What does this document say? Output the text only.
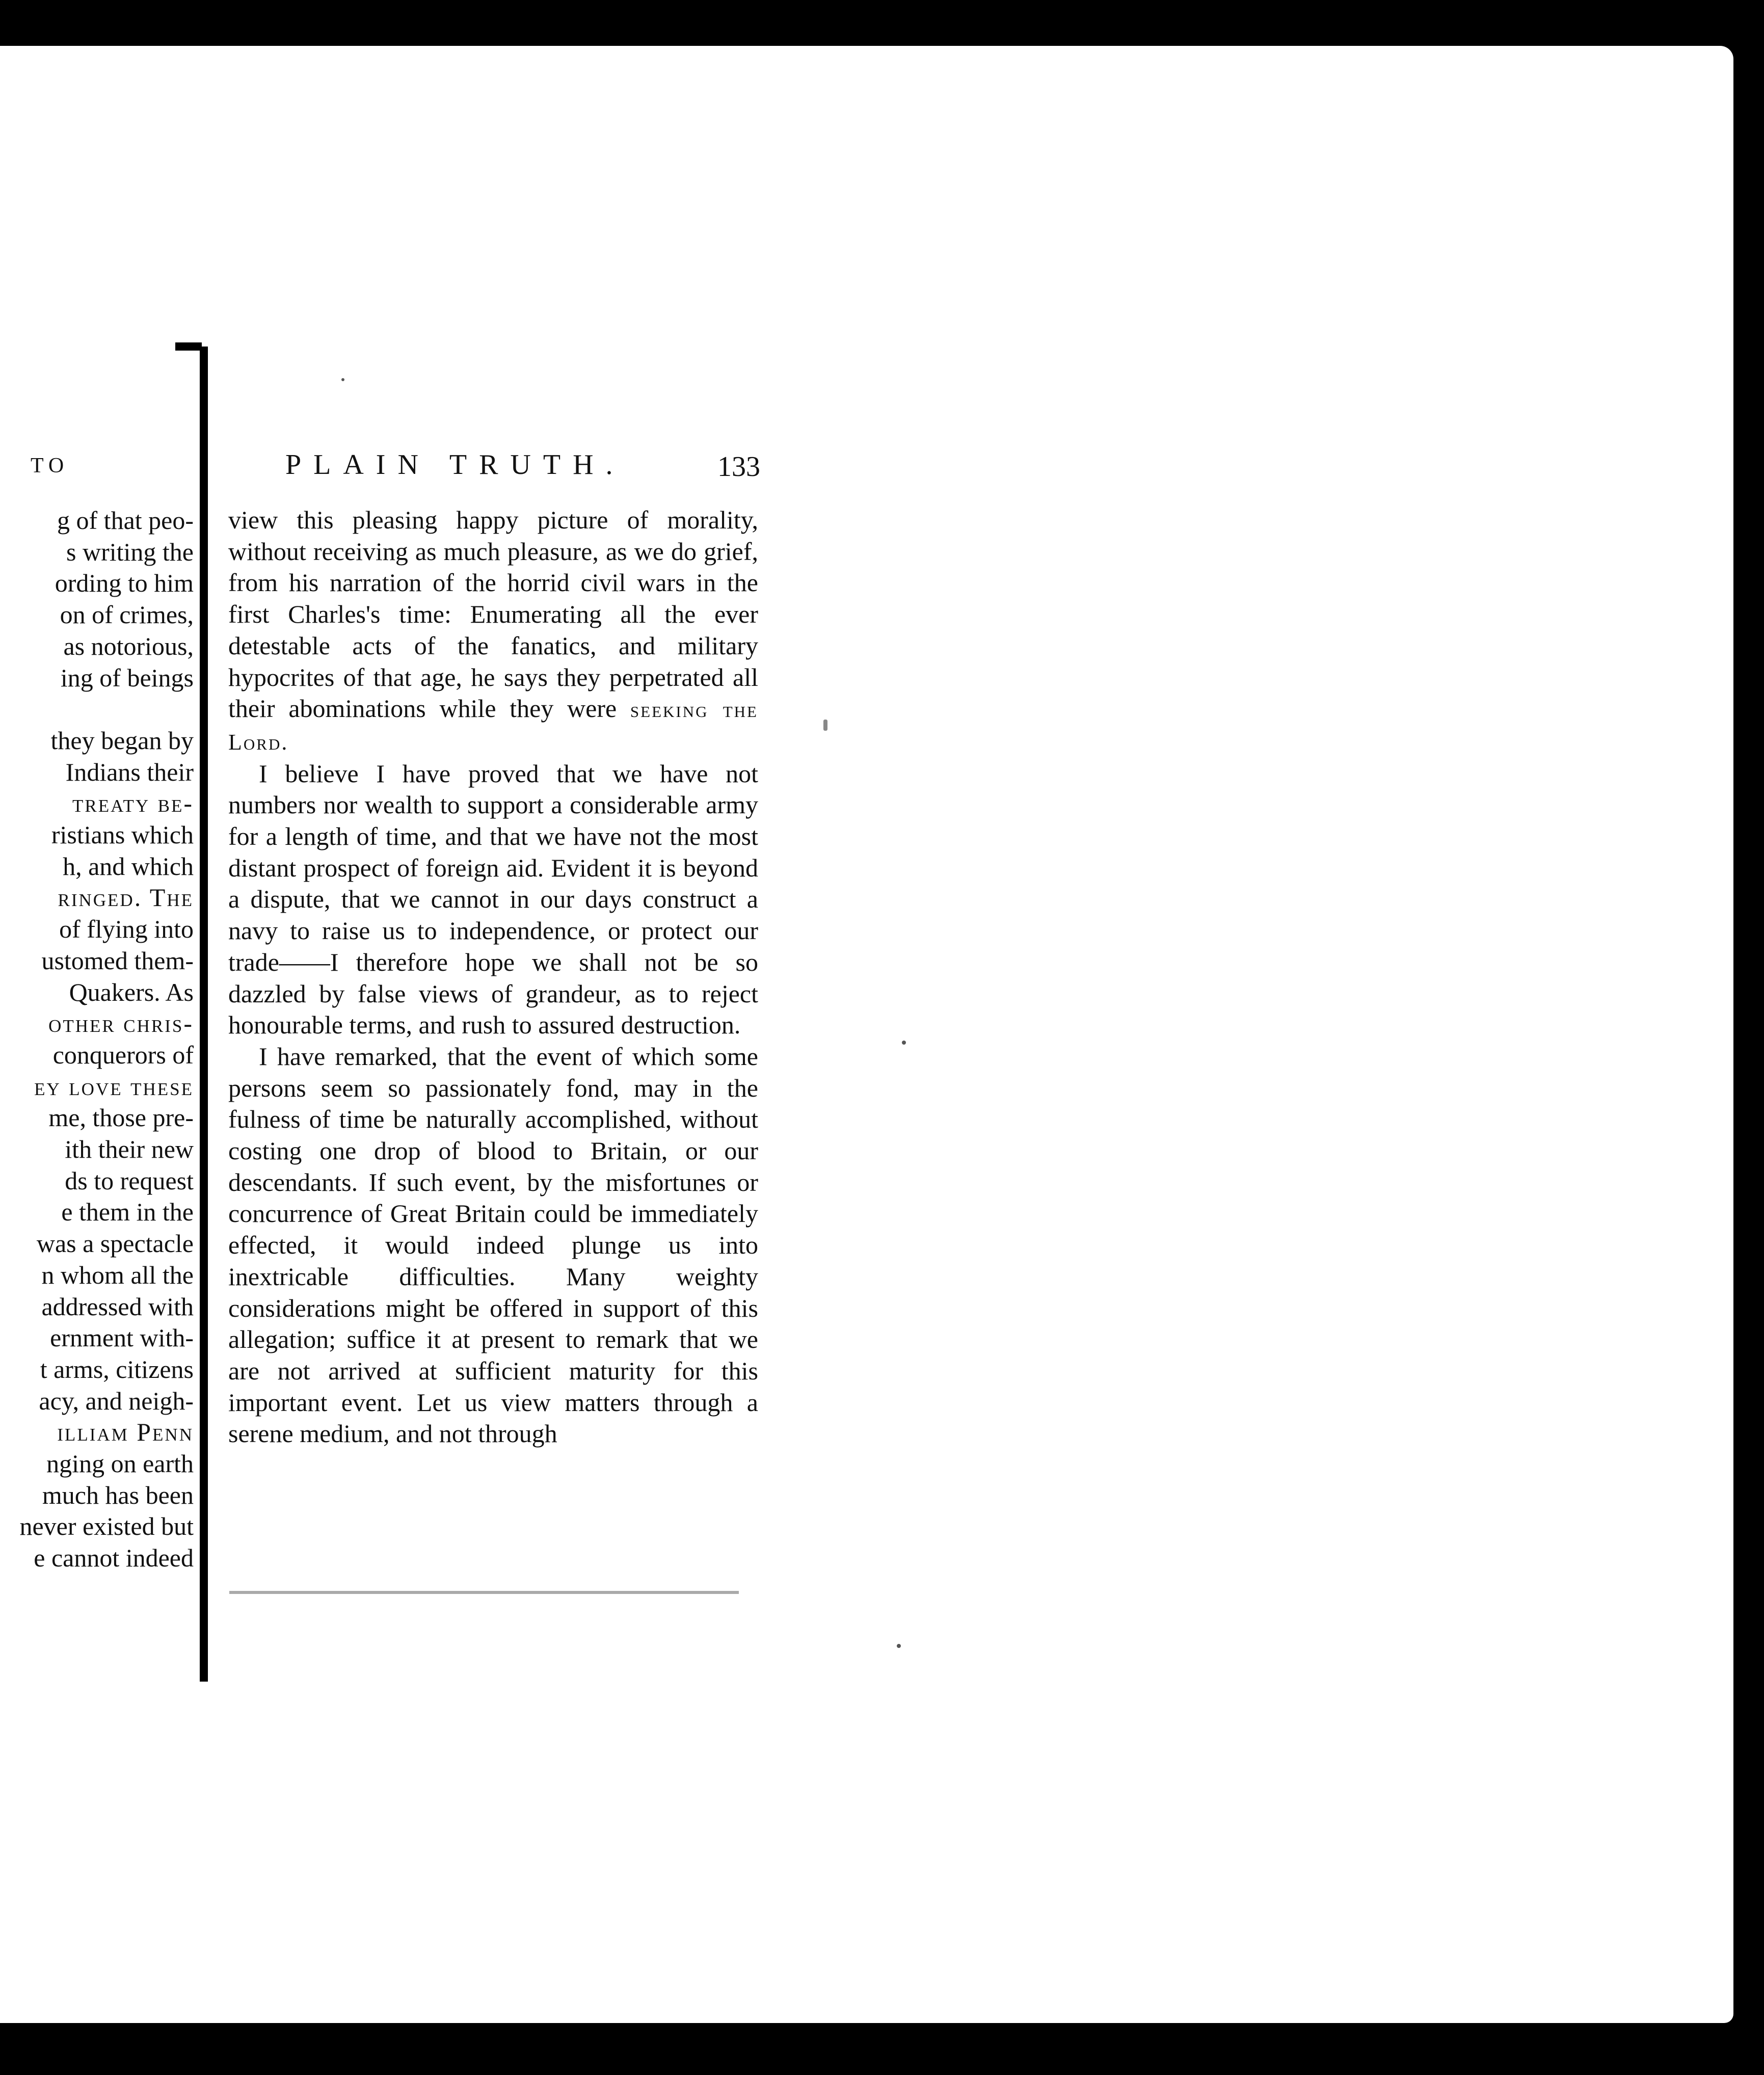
TO
g of that peo-
s writing the
ording to him
on of crimes,
as notorious,
ing of beings
they began by
Indians their
treaty be-
ristians which
h, and which
ringed. The
of flying into
ustomed them-
Quakers. As
other chris-
conquerors of
ey love these
me, those pre-
ith their new
ds to request
e them in the
was a spectacle
n whom all the
addressed with
ernment with-
t arms, citizens
acy, and neigh-
illiam Penn
nging on earth
much has been
never existed but
e cannot indeed
PLAIN TRUTH.	133

view this pleasing happy picture of morality, without receiving as much pleasure, as we do grief, from his narration of the horrid civil wars in the first Charles's time: Enumerating all the ever detestable acts of the fanatics, and military hypocrites of that age, he says they perpetrated all their abominations while they were seeking the Lord.

I believe I have proved that we have not numbers nor wealth to support a considerable army for a length of time, and that we have not the most distant prospect of foreign aid. Evident it is beyond a dispute, that we cannot in our days construct a navy to raise us to independence, or protect our trade——I therefore hope we shall not be so dazzled by false views of grandeur, as to reject honourable terms, and rush to assured destruction.

I have remarked, that the event of which some persons seem so passionately fond, may in the fulness of time be naturally accomplished, without costing one drop of blood to Britain, or our descendants. If such event, by the misfortunes or concurrence of Great Britain could be immediately effected, it would indeed plunge us into inextricable difficulties. Many weighty considerations might be offered in support of this allegation; suffice it at present to remark that we are not arrived at sufficient maturity for this important event. Let us view matters through a serene medium, and not through
